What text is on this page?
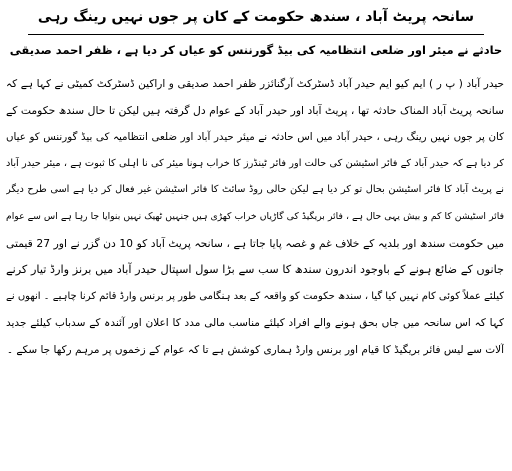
سانحہ پریٹ آباد ، سندھ حکومت کے کان پر جوں نہیں رینگ رہی
حادثے نے میئر اور ضلعی انتظامیہ کی بیڈ گورننس کو عیاں کر دیا ہے ، ظفر احمد صدیقی
حیدر آباد ( پ ر ) ایم کیو ایم حیدر آباد ڈسٹرکٹ آرگنائزر ظفر احمد صدیقی و اراکین ڈسٹرکٹ کمیٹی نے کہا ہے کہ
سانحہ پریٹ آباد المناک حادثہ تھا ، پریٹ آباد اور حیدر آباد کے عوام دل گرفتہ ہیں لیکن تا حال سندھ حکومت کے
کان پر جوں نہیں رینگ رہی ، حیدر آباد میں اس حادثہ نے میئر حیدر آباد اور ضلعی انتظامیہ کی بیڈ گورننس کو عیاں
کر دیا ہے کہ حیدر آباد کے فائر اسٹیشن کی حالت اور فائر ٹینڈرز کا خراب ہونا میئر کی نا اہلی کا ثبوت ہے ، میئر حیدر آباد
نے پریٹ آباد کا فائر اسٹیشن بحال تو کر دیا ہے لیکن حالی روڈ سائٹ کا فائر اسٹیشن غیر فعال کر دیا ہے اسی طرح دیگر
فائر اسٹیشن کا کم و بیش یہی حال ہے ، فائر بریگیڈ کی گاڑیاں خراب کھڑی ہیں جنہیں ٹھیک نہیں بنوایا جا رہا ہے اس سے عوام
میں حکومت سندھ اور بلدیہ کے خلاف غم و غصہ پایا جاتا ہے ، سانحہ پریٹ آباد کو 10 دن گزر نے اور 27 قیمتی
جانوں کے ضائع ہونے کے باوجود اندرون سندھ کا سب سے بڑا سول اسپتال حیدر آباد میں برنز وارڈ تیار کرنے
کیلئے عملاً کوئی کام نہیں کیا گیا ، سندھ حکومت کو واقعہ کے بعد ہنگامی طور پر برنس وارڈ قائم کرنا چاہیے ۔ انھوں نے
کہا کہ اس سانحہ میں جاں بحق ہونے والے افراد کیلئے مناسب مالی مدد کا اعلان اور آئندہ کے سدباب کیلئے جدید
آلات سے لیس فائر بریگیڈ کا قیام اور برنس وارڈ ہماری کوشش ہے تا کہ عوام کے زخموں پر مرہم رکھا جا سکے ۔
